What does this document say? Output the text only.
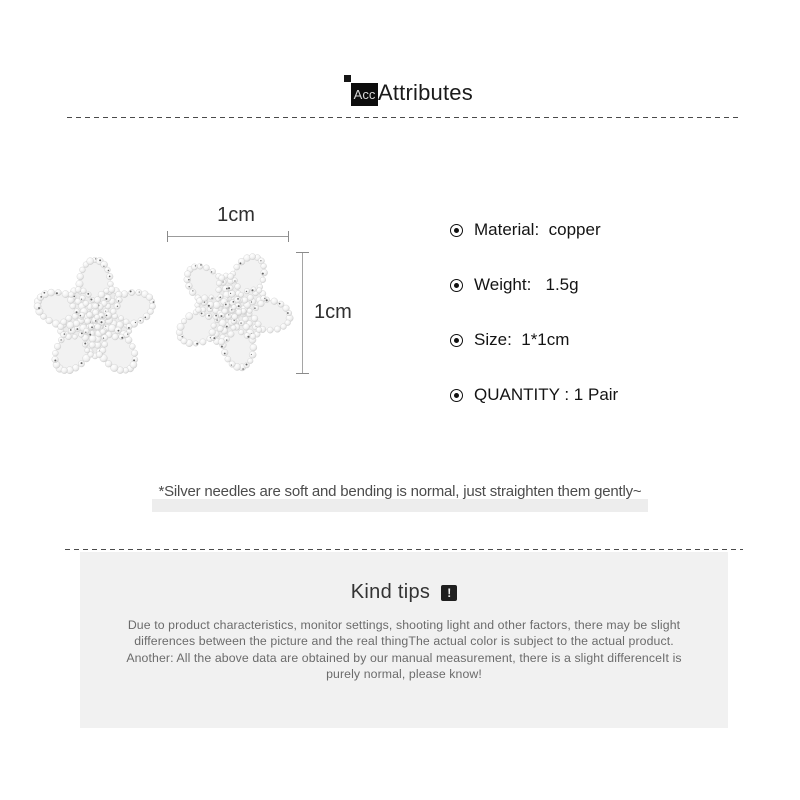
Acc Attributes
1cm
1cm
Material:  copper
Weight:   1.5g
Size:  1*1cm
QUANTITY : 1 Pair
*Silver needles are soft and bending is normal, just straighten them gently~
Kind tips	!
Due to product characteristics, monitor settings, shooting light and other factors, there may be slight
differences between the picture and the real thingThe actual color is subject to the actual product.
Another: All the above data are obtained by our manual measurement, there is a slight differenceIt is
purely normal, please know!
